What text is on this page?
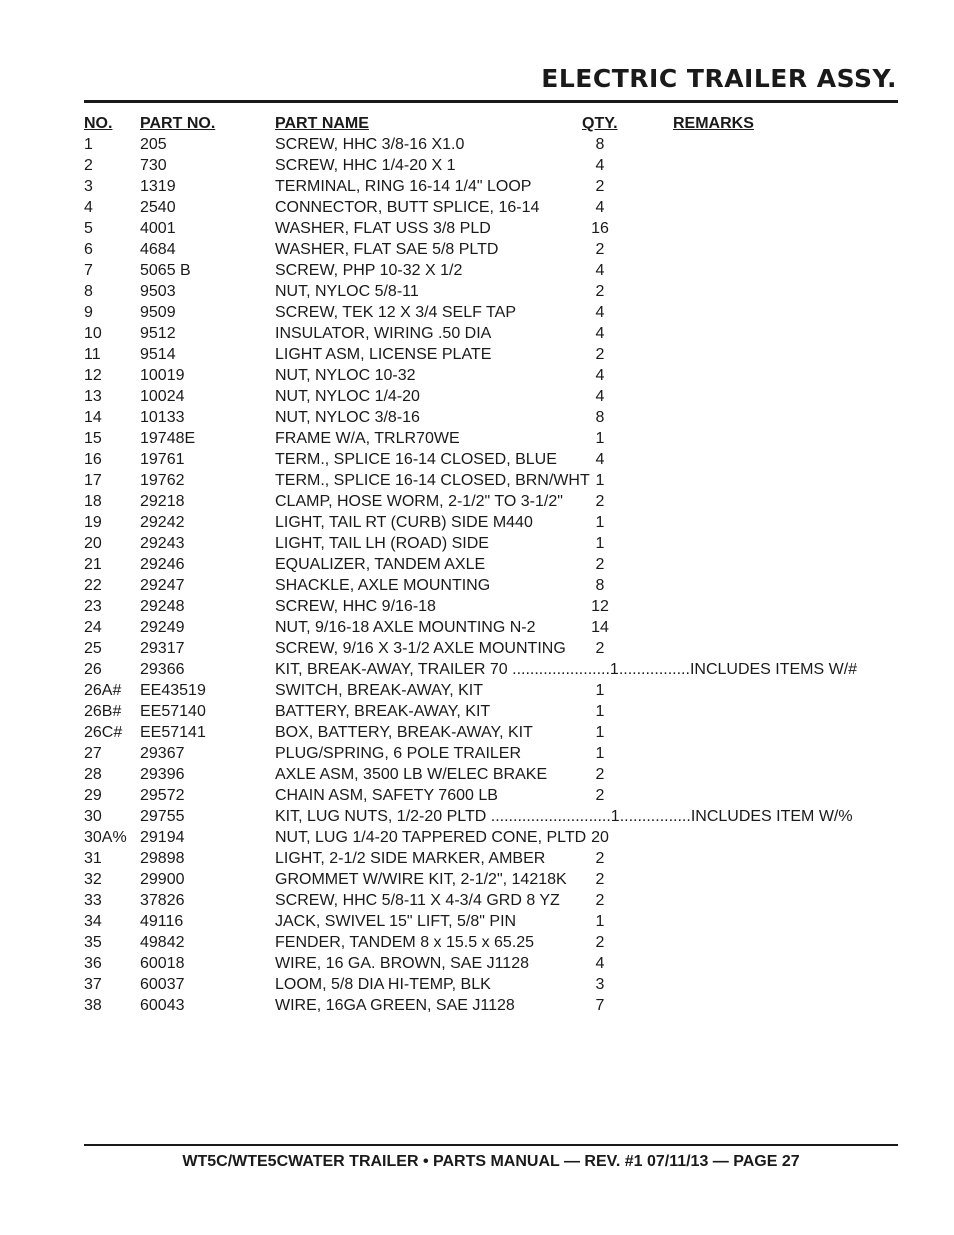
ELECTRIC TRAILER ASSY.
NO. PART NO.	PART NAME	QTY.	REMARKS
1	205	SCREW, HHC 3/8-16 X1.0	8
2	730	SCREW, HHC 1/4-20 X 1	4
3	1319	TERMINAL, RING 16-14 1/4" LOOP	2
4	2540	CONNECTOR, BUTT SPLICE, 16-14	4
5	4001	WASHER, FLAT USS 3/8 PLD	16
6	4684	WASHER, FLAT SAE 5/8 PLTD	2
7	5065 B	SCREW, PHP 10-32 X 1/2	4
8	9503	NUT, NYLOC 5/8-11	2
9	9509	SCREW, TEK 12 X 3/4 SELF TAP	4
10 9512	INSULATOR, WIRING .50 DIA	4
11 9514	LIGHT ASM, LICENSE PLATE	2
12 10019	NUT, NYLOC 10-32	4
13 10024	NUT, NYLOC 1/4-20	4
14 10133	NUT, NYLOC 3/8-16	8
15 19748E	FRAME W/A, TRLR70WE	1
16 19761	TERM., SPLICE 16-14 CLOSED, BLUE	4
17 19762	TERM., SPLICE 16-14 CLOSED, BRN/WHT 1
18 29218	CLAMP, HOSE WORM, 2-1/2" TO 3-1/2"	2
19 29242	LIGHT, TAIL RT (CURB) SIDE M440	1
20 29243	LIGHT, TAIL LH (ROAD) SIDE	1
21 29246	EQUALIZER, TANDEM AXLE	2
22 29247	SHACKLE, AXLE MOUNTING	8
23 29248	SCREW, HHC 9/16-18	12
24 29249	NUT, 9/16-18 AXLE MOUNTING N-2	14
25 29317	SCREW, 9/16 X 3-1/2 AXLE MOUNTING	2
26 29366	KIT, BREAK-AWAY, TRAILER 70 ......................1................INCLUDES ITEMS W/#
26A# EE43519	SWITCH, BREAK-AWAY, KIT	1
26B# EE57140	BATTERY, BREAK-AWAY, KIT	1
26C# EE57141	BOX, BATTERY, BREAK-AWAY, KIT	1
27 29367	PLUG/SPRING, 6 POLE TRAILER	1
28 29396	AXLE ASM, 3500 LB W/ELEC BRAKE	2
29 29572	CHAIN ASM, SAFETY 7600 LB	2
30 29755	KIT, LUG NUTS, 1/2-20 PLTD ...........................1................INCLUDES ITEM W/%
30A% 29194	NUT, LUG 1/4-20 TAPPERED CONE, PLTD 20
31 29898	LIGHT, 2-1/2 SIDE MARKER, AMBER	2
32 29900	GROMMET W/WIRE KIT, 2-1/2", 14218K	2
33 37826	SCREW, HHC 5/8-11 X 4-3/4 GRD 8 YZ	2
34 49116	JACK, SWIVEL 15" LIFT, 5/8" PIN	1
35 49842	FENDER, TANDEM 8 x 15.5 x 65.25	2
36 60018	WIRE, 16 GA. BROWN, SAE J1128	4
37 60037	LOOM, 5/8 DIA HI-TEMP, BLK	3
38 60043	WIRE, 16GA GREEN, SAE J1128	7
WT5C/WTE5CWATER TRAILER • PARTS MANUAL — REV. #1 07/11/13 — PAGE 27
